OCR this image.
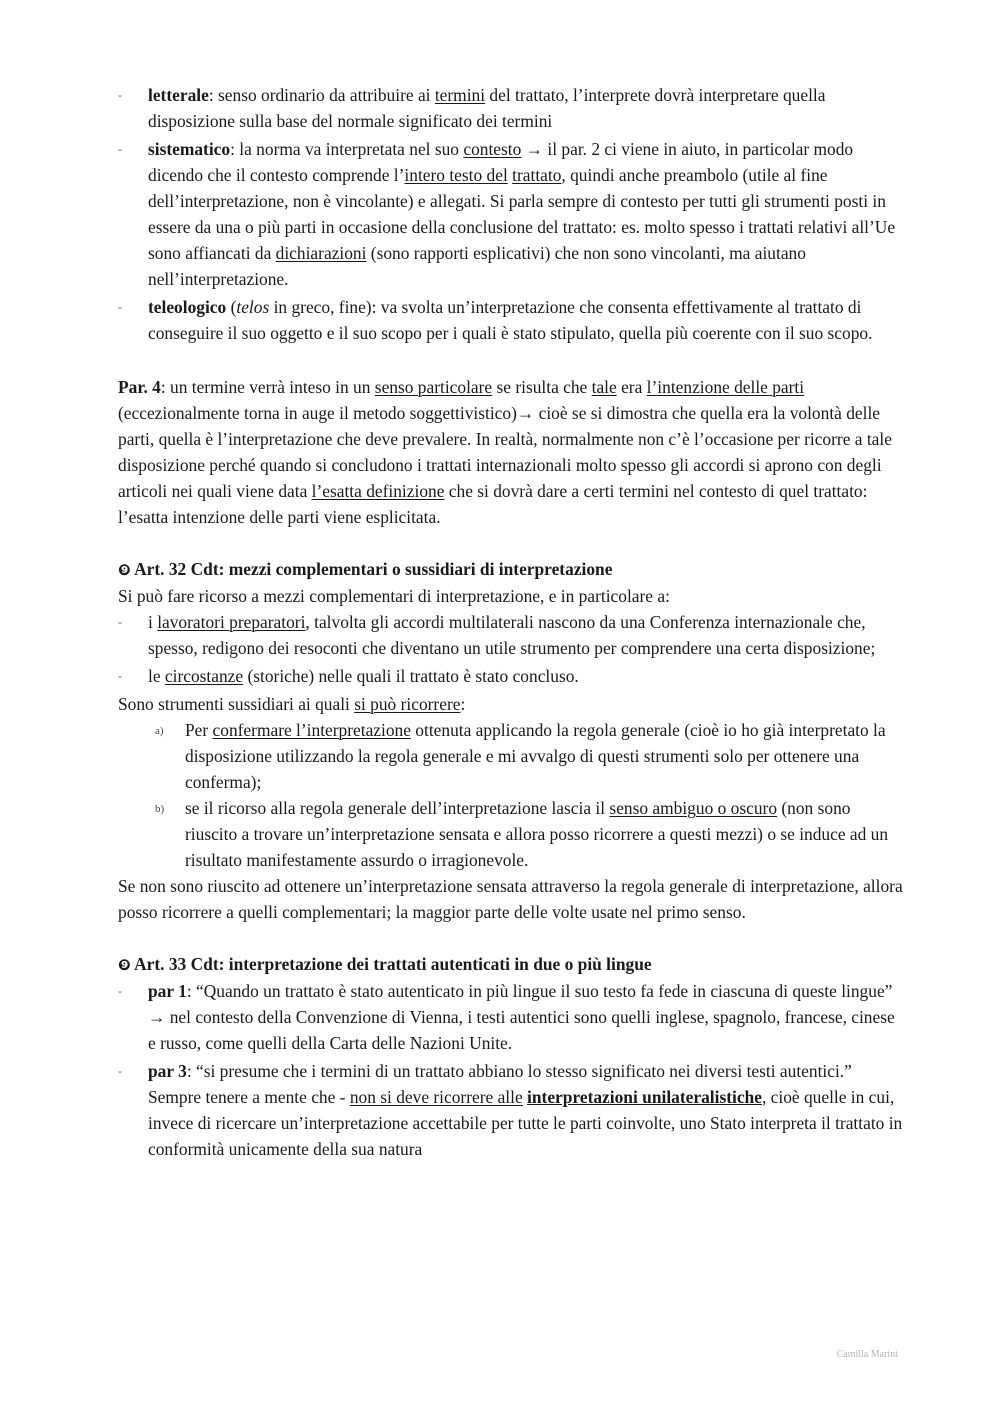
- letterale: senso ordinario da attribuire ai termini del trattato, l’interprete dovrà interpretare quella disposizione sulla base del normale significato dei termini
- sistematico: la norma va interpretata nel suo contesto → il par. 2 ci viene in aiuto, in particolar modo dicendo che il contesto comprende l’intero testo del trattato, quindi anche preambolo (utile al fine dell’interpretazione, non è vincolante) e allegati. Si parla sempre di contesto per tutti gli strumenti posti in essere da una o più parti in occasione della conclusione del trattato: es. molto spesso i trattati relativi all’Ue sono affiancati da dichiarazioni (sono rapporti esplicativi) che non sono vincolanti, ma aiutano nell’interpretazione.
- teleologico (telos in greco, fine): va svolta un’interpretazione che consenta effettivamente al trattato di conseguire il suo oggetto e il suo scopo per i quali è stato stipulato, quella più coerente con il suo scopo.

Par. 4: un termine verrà inteso in un senso particolare se risulta che tale era l’intenzione delle parti (eccezionalmente torna in auge il metodo soggettivistico)→ cioè se si dimostra che quella era la volontà delle parti, quella è l’interpretazione che deve prevalere. In realtà, normalmente non c’è l’occasione per ricorre a tale disposizione perché quando si concludono i trattati internazionali molto spesso gli accordi si aprono con degli articoli nei quali viene data l’esatta definizione che si dovrà dare a certi termini nel contesto di quel trattato: l’esatta intenzione delle parti viene esplicitata.

❾ Art. 32 Cdt: mezzi complementari o sussidiari di interpretazione

Si può fare ricorso a mezzi complementari di interpretazione, e in particolare a:

- i lavoratori preparatori, talvolta gli accordi multilaterali nascono da una Conferenza internazionale che, spesso, redigono dei resoconti che diventano un utile strumento per comprendere una certa disposizione;
- le circostanze (storiche) nelle quali il trattato è stato concluso.

Sono strumenti sussidiari ai quali si può ricorrere:

a) Per confermare l’interpretazione ottenuta applicando la regola generale (cioè io ho già interpretato la disposizione utilizzando la regola generale e mi avvalgo di questi strumenti solo per ottenere una conferma);
b) se il ricorso alla regola generale dell’interpretazione lascia il senso ambiguo o oscuro (non sono riuscito a trovare un’interpretazione sensata e allora posso ricorrere a questi mezzi) o se induce ad un risultato manifestamente assurdo o irragionevole.

Se non sono riuscito ad ottenere un’interpretazione sensata attraverso la regola generale di interpretazione, allora posso ricorrere a quelli complementari; la maggior parte delle volte usate nel primo senso.

❾ Art. 33 Cdt: interpretazione dei trattati autenticati in due o più lingue

- par 1: “Quando un trattato è stato autenticato in più lingue il suo testo fa fede in ciascuna di queste lingue” → nel contesto della Convenzione di Vienna, i testi autentici sono quelli inglese, spagnolo, francese, cinese e russo, come quelli della Carta delle Nazioni Unite.
- par 3: “si presume che i termini di un trattato abbiano lo stesso significato nei diversi testi autentici.” Sempre tenere a mente che - non si deve ricorrere alle interpretazioni unilateralistiche, cioè quelle in cui, invece di ricercare un’interpretazione accettabile per tutte le parti coinvolte, uno Stato interpreta il trattato in conformità unicamente della sua natura
Camilla Marini
